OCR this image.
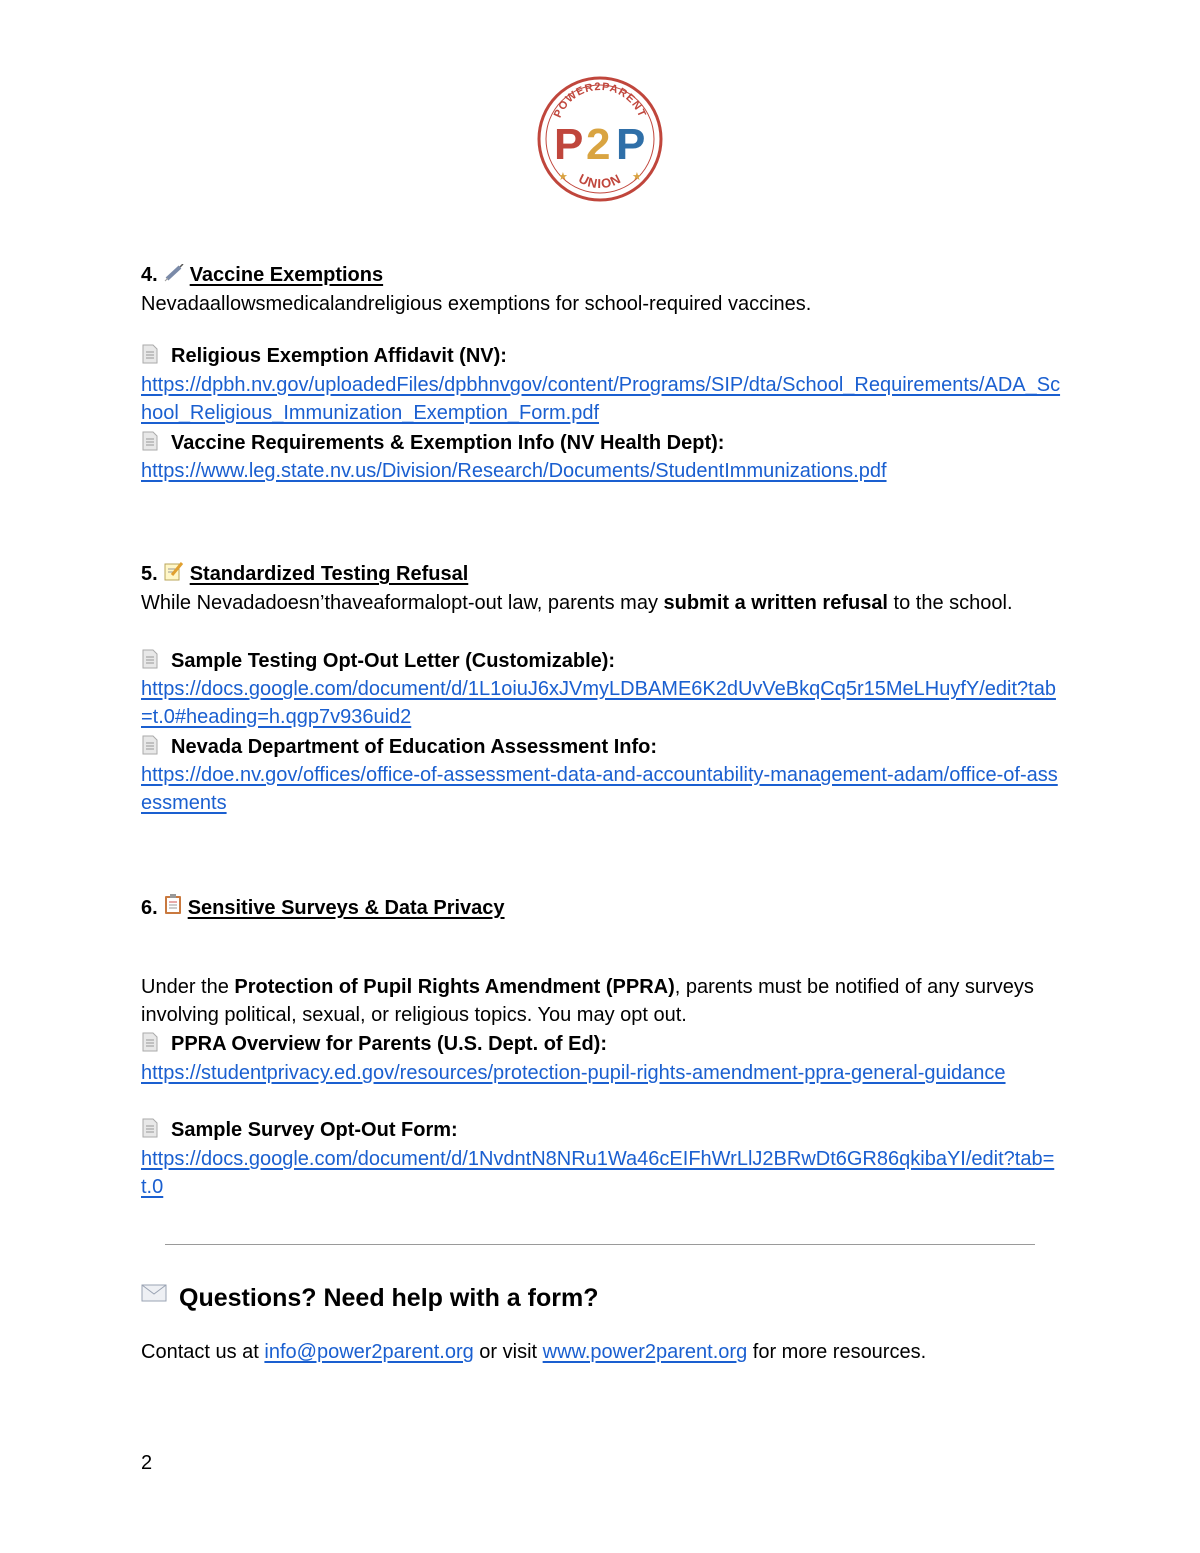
POWER2PARENT
UNION
P 2 P
★	★
4. Vaccine Exemptions
Nevadaallowsmedicalandreligious exemptions for school-required vaccines.
Religious Exemption Affidavit (NV):
https://dpbh.nv.gov/uploadedFiles/dpbhnvgov/content/Programs/SIP/dta/School_Requirements/ADA_School_Religious_Immunization_Exemption_Form.pdf
Vaccine Requirements & Exemption Info (NV Health Dept):
https://www.leg.state.nv.us/Division/Research/Documents/StudentImmunizations.pdf
5. Standardized Testing Refusal
While Nevadadoesn’thaveaformalopt-out law, parents may submit a written refusal to the school.
Sample Testing Opt-Out Letter (Customizable):
https://docs.google.com/document/d/1L1oiuJ6xJVmyLDBAME6K2dUvVeBkqCq5r15MeLHuyfY/edit?tab=t.0#heading=h.qgp7v936uid2
Nevada Department of Education Assessment Info:
https://doe.nv.gov/offices/office-of-assessment-data-and-accountability-management-adam/office-of-assessments
6. Sensitive Surveys & Data Privacy
Under the Protection of Pupil Rights Amendment (PPRA), parents must be notified of any surveys involving political, sexual, or religious topics. You may opt out.
PPRA Overview for Parents (U.S. Dept. of Ed):
https://studentprivacy.ed.gov/resources/protection-pupil-rights-amendment-ppra-general-guidance
Sample Survey Opt-Out Form:
https://docs.google.com/document/d/1NvdntN8NRu1Wa46cEIFhWrLlJ2BRwDt6GR86qkibaYI/edit?tab=t.0
Questions? Need help with a form?
Contact us at info@power2parent.org or visit www.power2parent.org for more resources.
2
